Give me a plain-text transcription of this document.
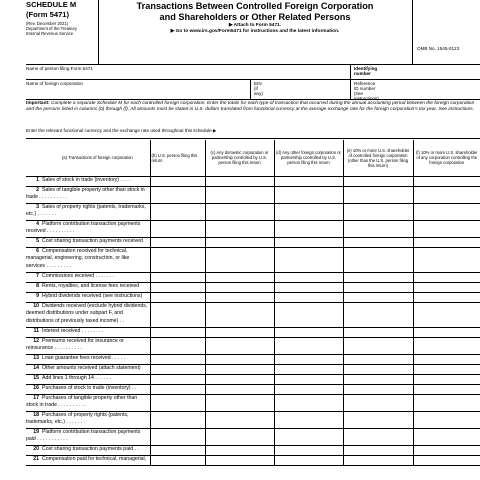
SCHEDULE M
(Form 5471)
(Rev. December 2021)
Department of the Treasury
Internal Revenue Service
Transactions Between Controlled Foreign Corporation
and Shareholders or Other Related Persons
▶ Attach to Form 5471.
▶ Go to www.irs.gov/Form5471 for instructions and the latest information.
OMB No. 1545-0123
Name of person filing Form 5471	Identifying number
Name of foreign corporation	EIN (if any)
Reference ID number (see instructions)
Important: Complete a separate Schedule M for each controlled foreign corporation. Enter the totals for each type of transaction that occurred during the annual accounting period between the foreign corporation and the persons listed in columns (b) through (f). All amounts must be stated in U.S. dollars translated from functional currency at the average exchange rate for the foreign corporation's tax year. See instructions.
Enter the relevant functional currency and the exchange rate used throughout this schedule ▶
(a) Transactions of foreign corporation	(b) U.S. person filing this return	(c) Any domestic corporation or partnership controlled by U.S. person filing this return	(d) Any other foreign corporation or partnership controlled by U.S. person filing this return	(e) 10% or more U.S. shareholder of controlled foreign corporation (other than the U.S. person filing this return)	(f) 10% or more U.S. shareholder of any corporation controlling the foreign corporation
1 Sales of stock in trade (inventory) . . . .					
2 Sales of tangible property other than stock in trade . . . . . . . . . .					
3 Sales of property rights (patents, trademarks, etc.) . . . . . . .					
4 Platform contribution transaction payments received . . . . . . . . . .					
5 Cost sharing transaction payments received					
6 Compensation received for technical, managerial, engineering, construction, or like services . . . . . . . . .					
7 Commissions received . . . . . . .					
8 Rents, royalties, and license fees received					
9 Hybrid dividends received (see instructions)					
10 Dividends received (exclude hybrid dividends, deemed distributions under subpart F, and distributions of previously taxed income) . .					
11 Interest received . . . . . . . .					
12 Premiums received for insurance or reinsurance . . . . . . . . . .					
13 Loan guarantee fees received . . . . .					
14 Other amounts received (attach statement)					
15 Add lines 1 through 14 . . . . . .					
16 Purchases of stock in trade (inventory) . .					
17 Purchases of tangible property other than stock in trade . . . . . . . . . .					
18 Purchases of property rights (patents, trademarks, etc.) . . . . . . .					
19 Platform contribution transaction payments paid . . . . . . . . . . .					
20 Cost sharing transaction payments paid . .					
21 Compensation paid for technical, managerial,					
